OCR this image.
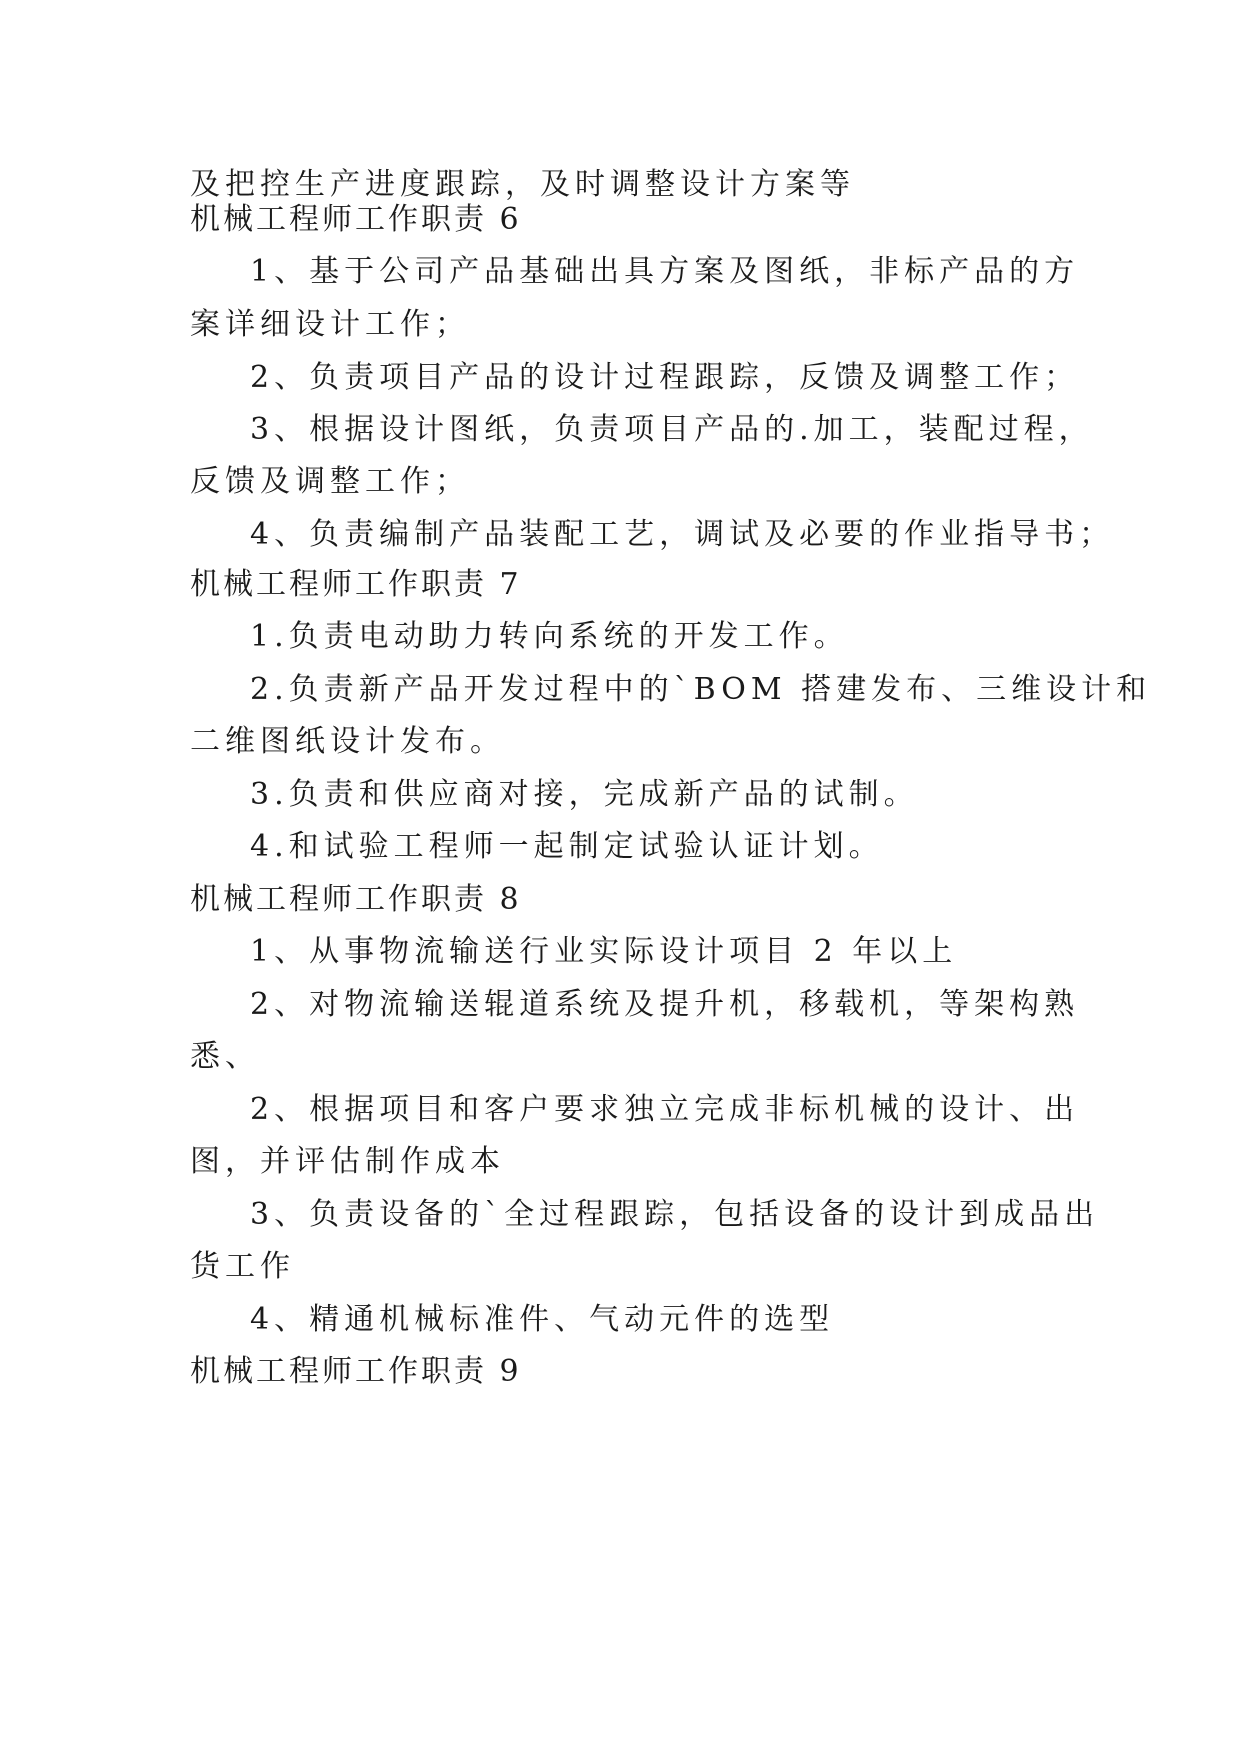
及把控生产进度跟踪，及时调整设计方案等
机械工程师工作职责 6
1、基于公司产品基础出具方案及图纸，非标产品的方
案详细设计工作；
2、负责项目产品的设计过程跟踪，反馈及调整工作；
3、根据设计图纸，负责项目产品的.加工，装配过程，
反馈及调整工作；
4、负责编制产品装配工艺，调试及必要的作业指导书；
机械工程师工作职责 7
1.负责电动助力转向系统的开发工作。
2.负责新产品开发过程中的`BOM 搭建发布、三维设计和
二维图纸设计发布。
3.负责和供应商对接，完成新产品的试制。
4.和试验工程师一起制定试验认证计划。
机械工程师工作职责 8
1、从事物流输送行业实际设计项目 2 年以上
2、对物流输送辊道系统及提升机，移载机，等架构熟
悉、
2、根据项目和客户要求独立完成非标机械的设计、出
图，并评估制作成本
3、负责设备的`全过程跟踪，包括设备的设计到成品出
货工作
4、精通机械标准件、气动元件的选型
机械工程师工作职责 9
